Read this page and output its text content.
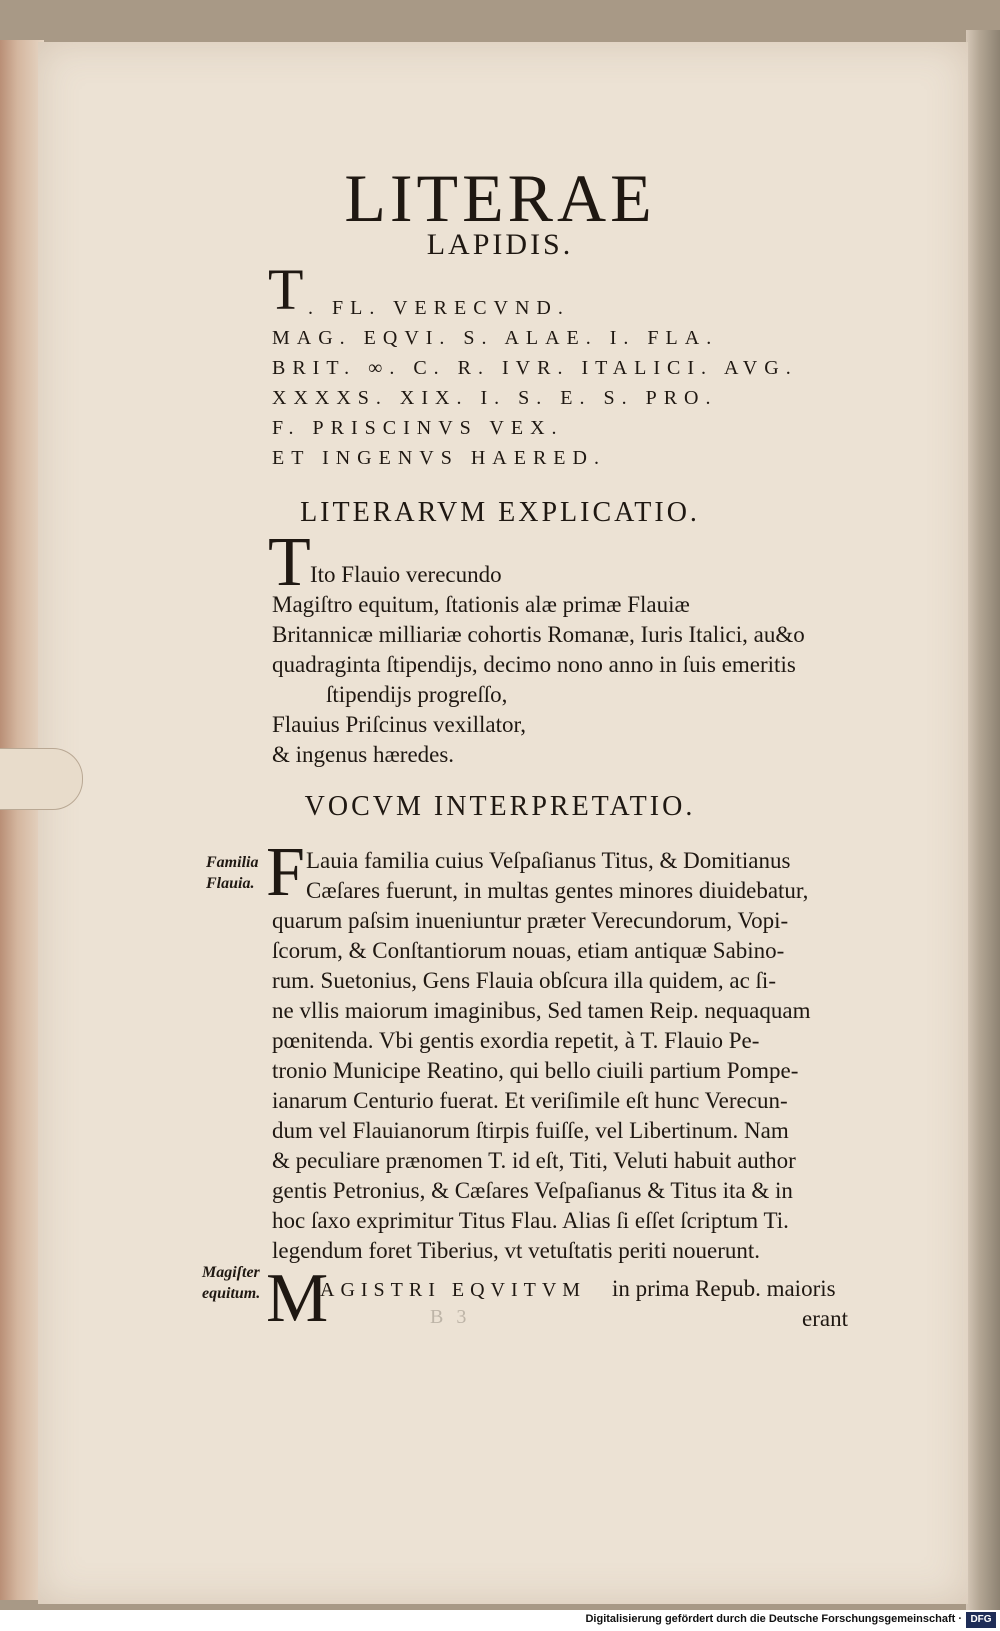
LITERAE
LAPIDIS.
T . FL. VERECVND.
MAG. EQVI. S. ALAE. I. FLA.
BRIT. ∞. C. R. IVR. ITALICI. AVG.
XXXXS. XIX. I. S. E. S. PRO.
F. PRISCINVS VEX.
ET INGENVS HAERED.
LITERARVM EXPLICATIO.
T Ito Flauio verecundo
Magiſtro equitum, ſtationis alæ primæ Flauiæ
Britannicæ milliariæ cohortis Romanæ, Iuris Italici, au&o
quadraginta ſtipendijs, decimo nono anno in ſuis emeritis
ſtipendijs progreſſo,
Flauius Priſcinus vexillator,
& ingenus hæredes.
VOCVM INTERPRETATIO.
Familia Flauia. F Lauia familia cuius Veſpaſianus Titus, & Domitianus
Cæſares fuerunt, in multas gentes minores diuidebatur,
quarum paſsim inueniuntur præter Verecundorum, Vopi-
ſcorum, & Conſtantiorum nouas, etiam antiquæ Sabino-
rum. Suetonius, Gens Flauia obſcura illa quidem, ac ſi-
ne vllis maiorum imaginibus, Sed tamen Reip. nequaquam
pœnitenda. Vbi gentis exordia repetit, à T. Flauio Pe-
tronio Municipe Reatino, qui bello ciuili partium Pompe-
ianarum Centurio fuerat. Et veriſimile eſt hunc Verecun-
dum vel Flauianorum ſtirpis fuiſſe, vel Libertinum. Nam
& peculiare prænomen T. id eſt, Titi, Veluti habuit author
gentis Petronius, & Cæſares Veſpaſianus & Titus ita & in
hoc ſaxo exprimitur Titus Flau. Alias ſi eſſet ſcriptum Ti.
legendum foret Tiberius, vt vetuſtatis periti nouerunt.
Magiſter equitum. M
AGISTRI EQVITVM in prima Repub. maioris
erant
B 3
Digitalisierung gefördert durch die Deutsche Forschungsgemeinschaft · DFG
